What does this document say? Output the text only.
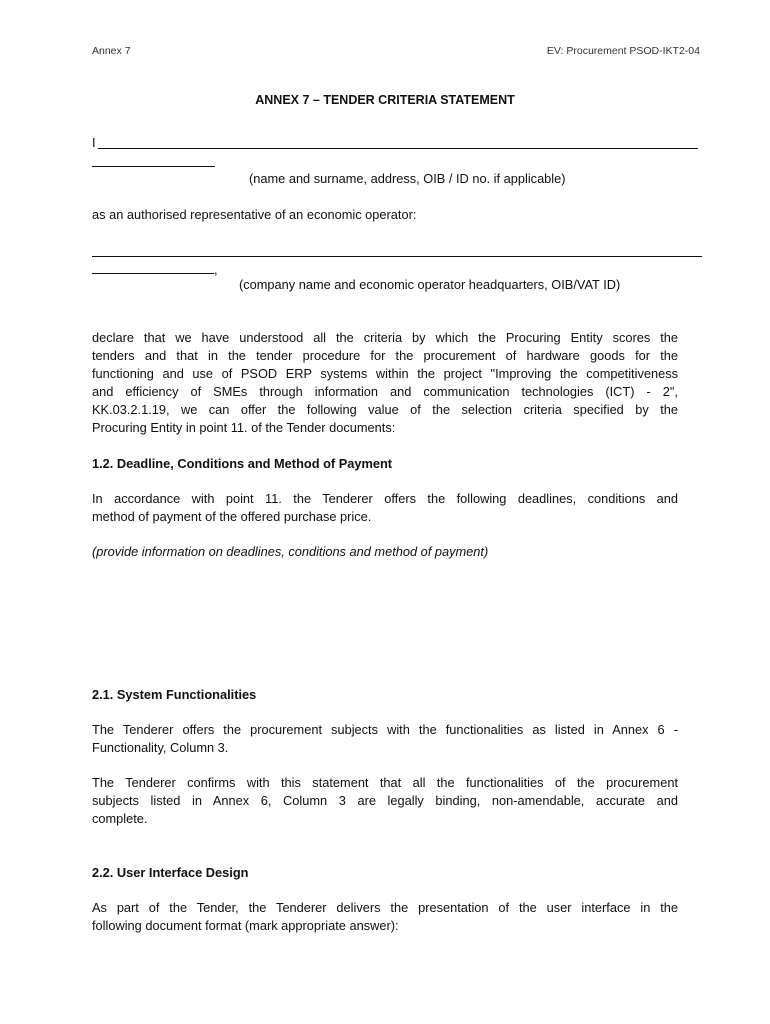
Annex 7	EV: Procurement PSOD-IKT2-04
ANNEX 7 – TENDER CRITERIA STATEMENT
I
(name and surname, address, OIB / ID no. if applicable)
as an authorised representative of an economic operator:
,
(company name and economic operator headquarters, OIB/VAT ID)
declare that we have understood all the criteria by which the Procuring Entity scores the
tenders and that in the tender procedure for the procurement of hardware goods for the
functioning and use of PSOD ERP systems within the project "Improving the competitiveness
and efficiency of SMEs through information and communication technologies (ICT) - 2",
KK.03.2.1.19, we can offer the following value of the selection criteria specified by the
Procuring Entity in point 11. of the Tender documents:
1.2. Deadline, Conditions and Method of Payment
In accordance with point 11. the Tenderer offers the following deadlines, conditions and
method of payment of the offered purchase price.
(provide information on deadlines, conditions and method of payment)
2.1. System Functionalities
The Tenderer offers the procurement subjects with the functionalities as listed in Annex 6 -
Functionality, Column 3.
The Tenderer confirms with this statement that all the functionalities of the procurement
subjects listed in Annex 6, Column 3 are legally binding, non-amendable, accurate and
complete.
2.2. User Interface Design
As part of the Tender, the Tenderer delivers the presentation of the user interface in the
following document format (mark appropriate answer):
